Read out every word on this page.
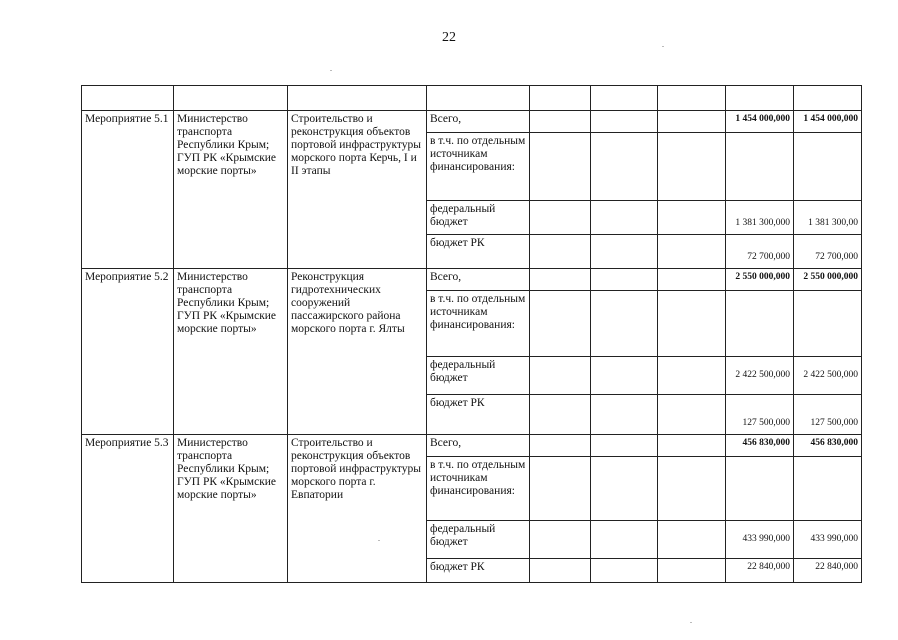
22

Мероприятие 5.1	Министерство транспорта Республики Крым; ГУП РК «Крымские морские порты»	Строительство и реконструкция объектов портовой инфраструктуры морского порта Керчь, I и II этапы	Всего,				1 454 000,000	1 454 000,000
			в т.ч. по отдельным источникам финансирования:					
			федеральный бюджет				1 381 300,000	1 381 300,00
			бюджет РК				72 700,000	72 700,000
Мероприятие 5.2	Министерство транспорта Республики Крым; ГУП РК «Крымские морские порты»	Реконструкция гидротехнических сооружений пассажирского района морского порта г. Ялты	Всего,				2 550 000,000	2 550 000,000
			в т.ч. по отдельным источникам финансирования:					
			федеральный бюджет				2 422 500,000	2 422 500,000
			бюджет РК				127 500,000	127 500,000
Мероприятие 5.3	Министерство транспорта Республики Крым; ГУП РК «Крымские морские порты»	Строительство и реконструкция объектов портовой инфраструктуры морского порта г. Евпатории	Всего,				456 830,000	456 830,000
			в т.ч. по отдельным источникам финансирования:					
			федеральный бюджет				433 990,000	433 990,000
			бюджет РК				22 840,000	22 840,000
